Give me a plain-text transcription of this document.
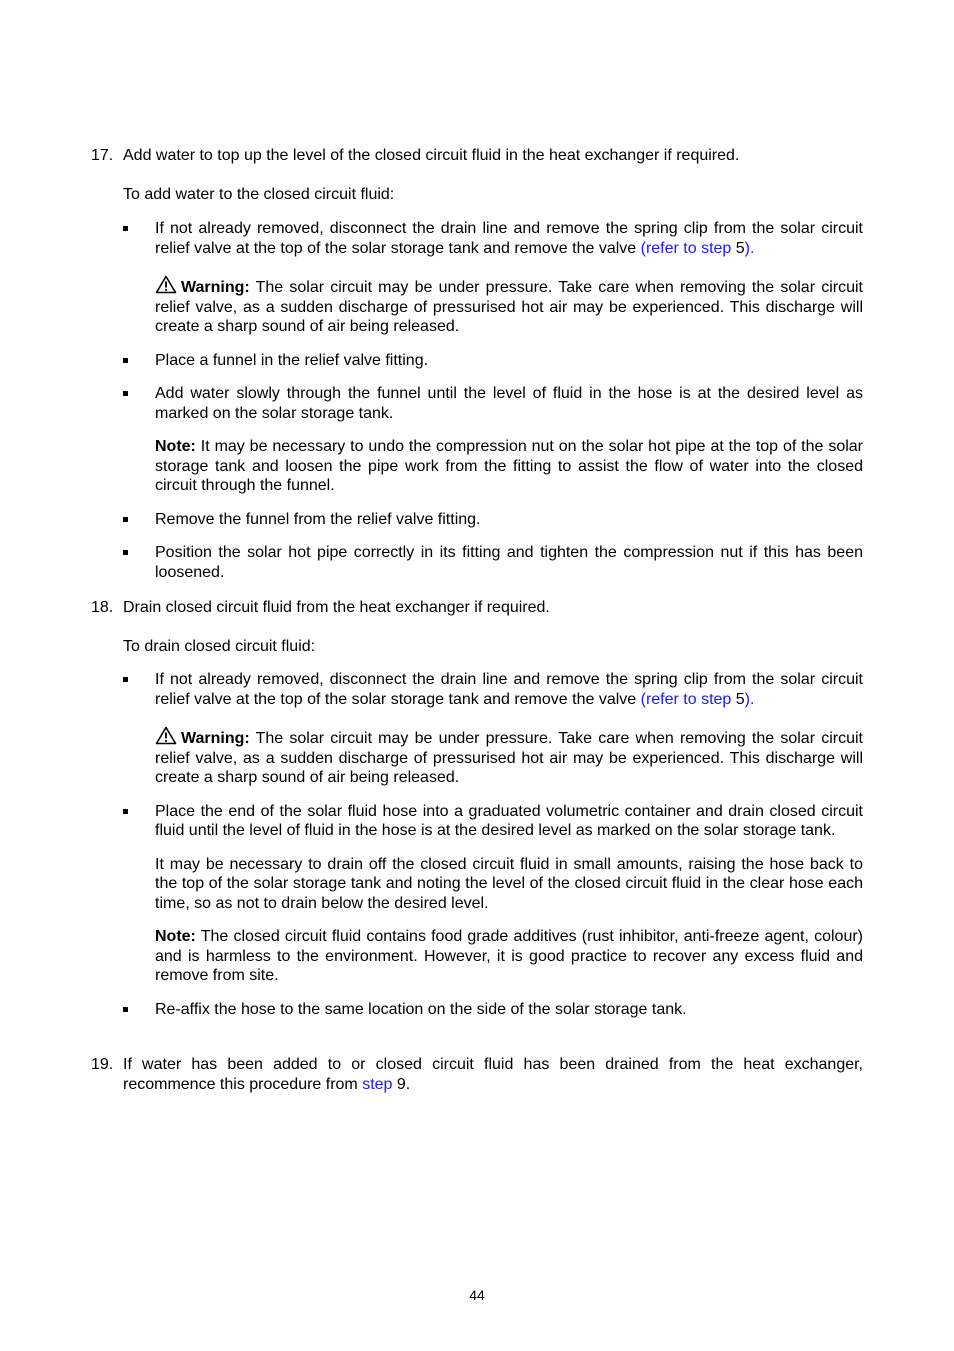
17. Add water to top up the level of the closed circuit fluid in the heat exchanger if required.

To add water to the closed circuit fluid:

If not already removed, disconnect the drain line and remove the spring clip from the solar circuit relief valve at the top of the solar storage tank and remove the valve (refer to step 5).

Warning: The solar circuit may be under pressure. Take care when removing the solar circuit relief valve, as a sudden discharge of pressurised hot air may be experienced. This discharge will create a sharp sound of air being released.

Place a funnel in the relief valve fitting.

Add water slowly through the funnel until the level of fluid in the hose is at the desired level as marked on the solar storage tank.

Note: It may be necessary to undo the compression nut on the solar hot pipe at the top of the solar storage tank and loosen the pipe work from the fitting to assist the flow of water into the closed circuit through the funnel.

Remove the funnel from the relief valve fitting.

Position the solar hot pipe correctly in its fitting and tighten the compression nut if this has been loosened.

18. Drain closed circuit fluid from the heat exchanger if required.

To drain closed circuit fluid:

If not already removed, disconnect the drain line and remove the spring clip from the solar circuit relief valve at the top of the solar storage tank and remove the valve (refer to step 5).

Warning: The solar circuit may be under pressure. Take care when removing the solar circuit relief valve, as a sudden discharge of pressurised hot air may be experienced. This discharge will create a sharp sound of air being released.

Place the end of the solar fluid hose into a graduated volumetric container and drain closed circuit fluid until the level of fluid in the hose is at the desired level as marked on the solar storage tank.

It may be necessary to drain off the closed circuit fluid in small amounts, raising the hose back to the top of the solar storage tank and noting the level of the closed circuit fluid in the clear hose each time, so as not to drain below the desired level.

Note: The closed circuit fluid contains food grade additives (rust inhibitor, anti-freeze agent, colour) and is harmless to the environment. However, it is good practice to recover any excess fluid and remove from site.

Re-affix the hose to the same location on the side of the solar storage tank.

19. If water has been added to or closed circuit fluid has been drained from the heat exchanger, recommence this procedure from step 9.

44
